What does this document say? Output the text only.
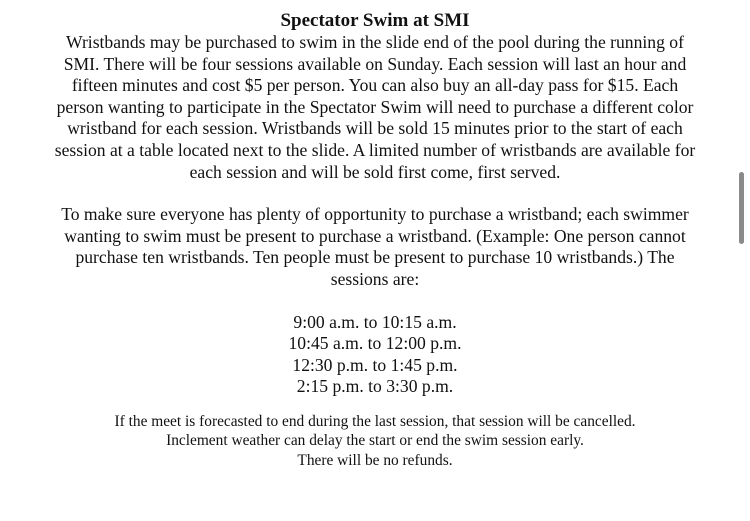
Spectator Swim at SMI

Wristbands may be purchased to swim in the slide end of the pool during the running of SMI. There will be four sessions available on Sunday. Each session will last an hour and fifteen minutes and cost $5 per person. You can also buy an all-day pass for $15. Each person wanting to participate in the Spectator Swim will need to purchase a different color wristband for each session. Wristbands will be sold 15 minutes prior to the start of each session at a table located next to the slide. A limited number of wristbands are available for each session and will be sold first come, first served.

To make sure everyone has plenty of opportunity to purchase a wristband; each swimmer wanting to swim must be present to purchase a wristband. (Example: One person cannot purchase ten wristbands. Ten people must be present to purchase 10 wristbands.) The sessions are:

9:00 a.m. to 10:15 a.m.
10:45 a.m. to 12:00 p.m.
12:30 p.m. to 1:45 p.m.
2:15 p.m. to 3:30 p.m.
If the meet is forecasted to end during the last session, that session will be cancelled.
Inclement weather can delay the start or end the swim session early.
There will be no refunds.
